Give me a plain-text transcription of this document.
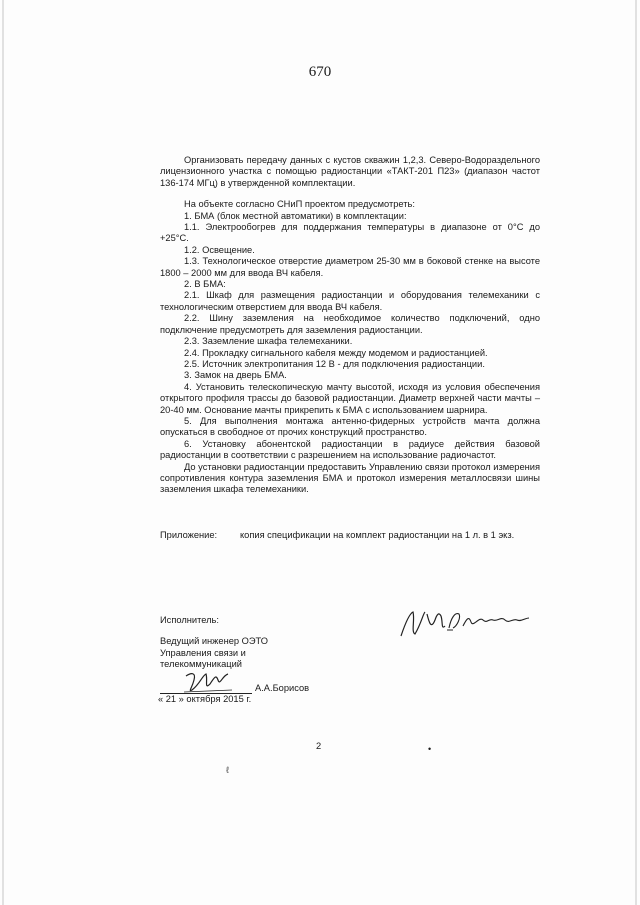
670

Организовать передачу данных с кустов скважин 1,2,3. Северо-Водораздельного лицензионного участка с помощью радиостанции «ТАКТ-201 П23» (диапазон частот 136-174 МГц) в утвержденной комплектации.

На объекте согласно СНиП проектом предусмотреть:

1. БМА (блок местной автоматики) в комплектации:

1.1. Электрообогрев для поддержания температуры в диапазоне от 0°С до +25°С.

1.2. Освещение.

1.3. Технологическое отверстие диаметром 25-30 мм в боковой стенке на высоте 1800 – 2000 мм для ввода ВЧ кабеля.

2. В БМА:

2.1. Шкаф для размещения радиостанции и оборудования телемеханики с технологическим отверстием для ввода ВЧ кабеля.

2.2. Шину заземления на необходимое количество подключений, одно подключение предусмотреть для заземления радиостанции.

2.3. Заземление шкафа телемеханики.

2.4. Прокладку сигнального кабеля между модемом и радиостанцией.

2.5. Источник электропитания 12 В - для подключения радиостанции.

3. Замок на дверь БМА.

4. Установить телескопическую мачту высотой, исходя из условия обеспечения открытого профиля трассы до базовой радиостанции. Диаметр верхней части мачты – 20-40 мм. Основание мачты прикрепить к БМА с использованием шарнира.

5. Для выполнения монтажа антенно-фидерных устройств мачта должна опускаться в свободное от прочих конструкций пространство.

6. Установку абонентской радиостанции в радиусе действия базовой радиостанции в соответствии с разрешением на использование радиочастот.

До установки радиостанции предоставить Управлению связи протокол измерения сопротивления контура заземления БМА и протокол измерения металлосвязи шины заземления шкафа телемеханики.

Приложение: копия спецификации на комплект радиостанции на 1 л. в 1 экз.
Исполнитель:
Ведущий инженер ОЭТО
Управления связи и
телекоммуникаций
А.А.Борисов
« 21 » октября 2015 г.
2	•
ℓ
